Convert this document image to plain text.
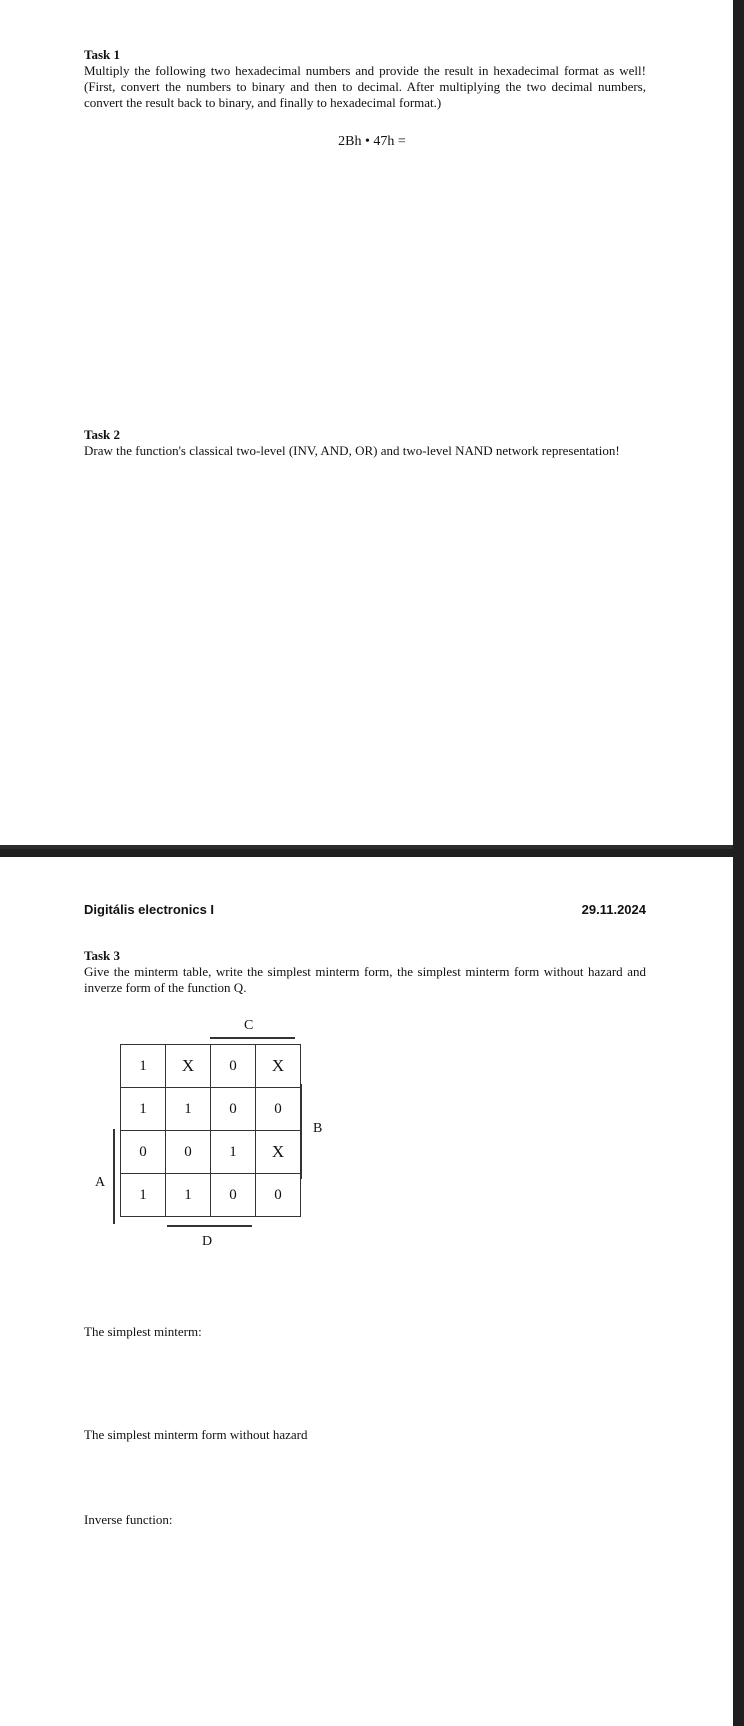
Task 1
Multiply the following two hexadecimal numbers and provide the result in hexadecimal format as well! (First, convert the numbers to binary and then to decimal. After multiplying the two decimal numbers, convert the result back to binary, and finally to hexadecimal format.)
2Bh • 47h =
Task 2
Draw the function's classical two-level (INV, AND, OR) and two-level NAND network representation!
Digitális electronics I	29.11.2024
Task 3
Give the minterm table, write the simplest minterm form, the simplest minterm form without hazard and inverze form of the function Q.
1	X	0	X
1	1	0	0
0	0	1	X
1	1	0	0
C
B
A
D
The simplest minterm:
The simplest minterm form without hazard
Inverse function:
